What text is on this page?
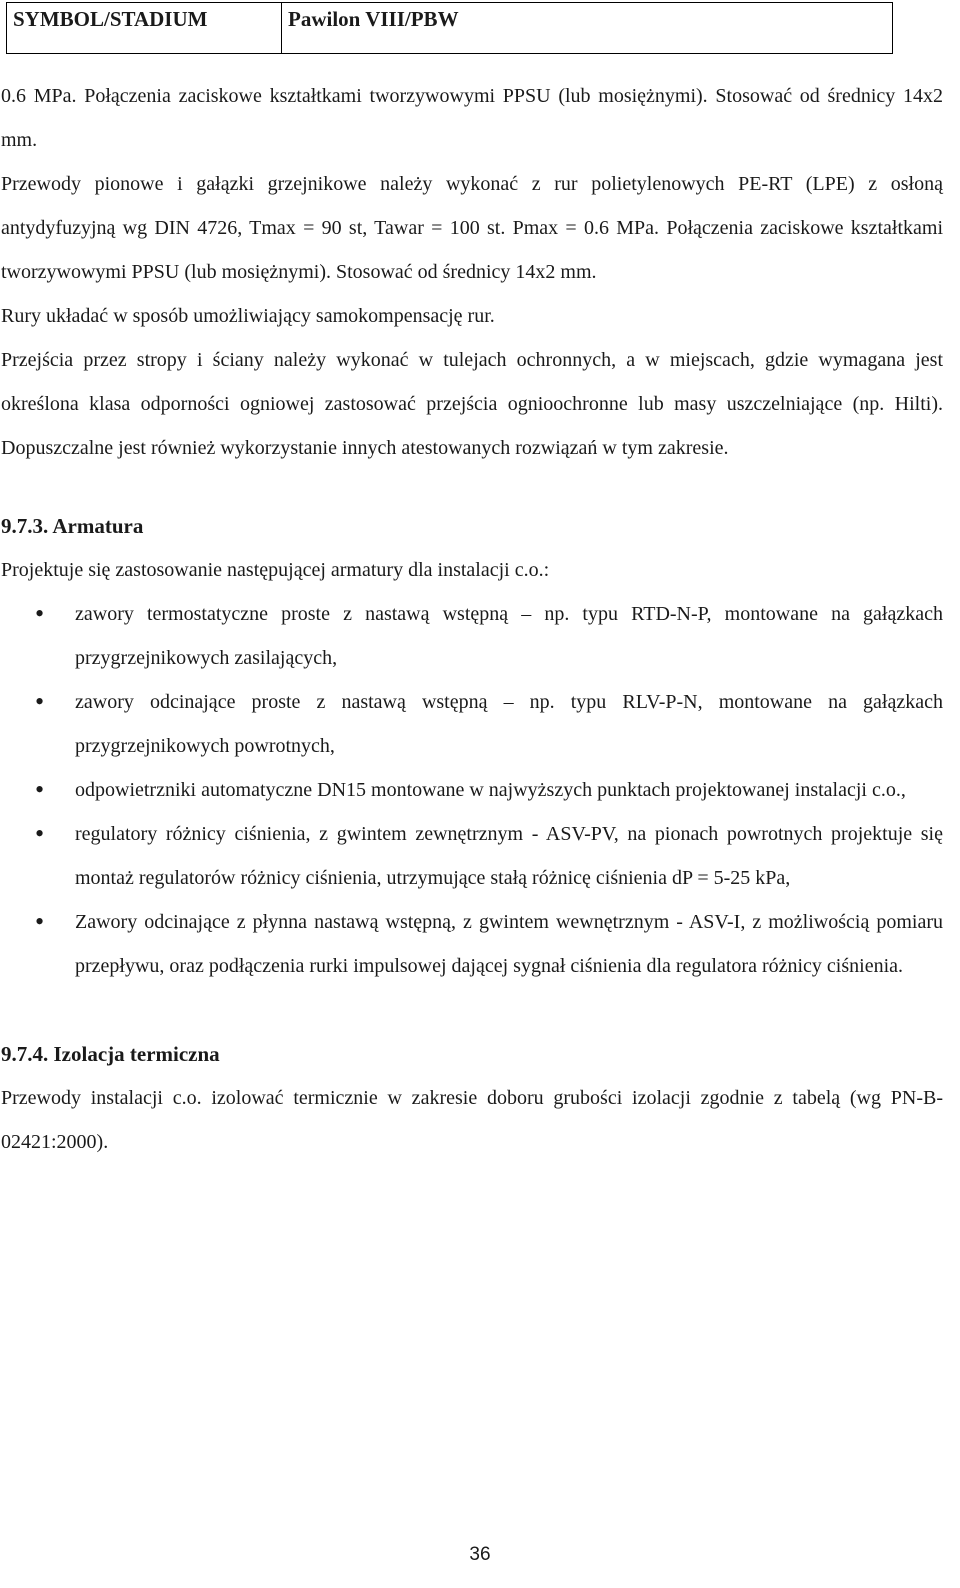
SYMBOL/STADIUM	Pawilon VIII/PBW

0.6 MPa. Połączenia zaciskowe kształtkami tworzywowymi PPSU (lub mosiężnymi). Stosować od średnicy 14x2 mm.

Przewody pionowe i gałązki grzejnikowe należy wykonać z rur polietylenowych PE-RT (LPE) z osłoną antydyfuzyjną wg DIN 4726, Tmax = 90 st, Tawar = 100 st. Pmax = 0.6 MPa. Połączenia zaciskowe kształtkami tworzywowymi PPSU (lub mosiężnymi). Stosować od średnicy 14x2 mm.

Rury układać w sposób umożliwiający samokompensację rur.

Przejścia przez stropy i ściany należy wykonać w tulejach ochronnych, a w miejscach, gdzie wymagana jest określona klasa odporności ogniowej zastosować przejścia ognioochronne lub masy uszczelniające (np. Hilti). Dopuszczalne jest również wykorzystanie innych atestowanych rozwiązań w tym zakresie.

9.7.3. Armatura

Projektuje się zastosowanie następującej armatury dla instalacji c.o.:

• zawory termostatyczne proste z nastawą wstępną – np. typu RTD-N-P, montowane na gałązkach przygrzejnikowych zasilających,
• zawory odcinające proste z nastawą wstępną – np. typu RLV-P-N, montowane na gałązkach przygrzejnikowych powrotnych,
• odpowietrzniki automatyczne DN15 montowane w najwyższych punktach projektowanej instalacji c.o.,
• regulatory różnicy ciśnienia, z gwintem zewnętrznym - ASV-PV, na pionach powrotnych projektuje się montaż regulatorów różnicy ciśnienia, utrzymujące stałą różnicę ciśnienia dP = 5-25 kPa,
• Zawory odcinające z płynna nastawą wstępną, z gwintem wewnętrznym - ASV-I, z możliwością pomiaru przepływu, oraz podłączenia rurki impulsowej dającej sygnał ciśnienia dla regulatora różnicy ciśnienia.
9.7.4. Izolacja termiczna

Przewody instalacji c.o. izolować termicznie w zakresie doboru grubości izolacji zgodnie z tabelą (wg PN-B-02421:2000).

36
